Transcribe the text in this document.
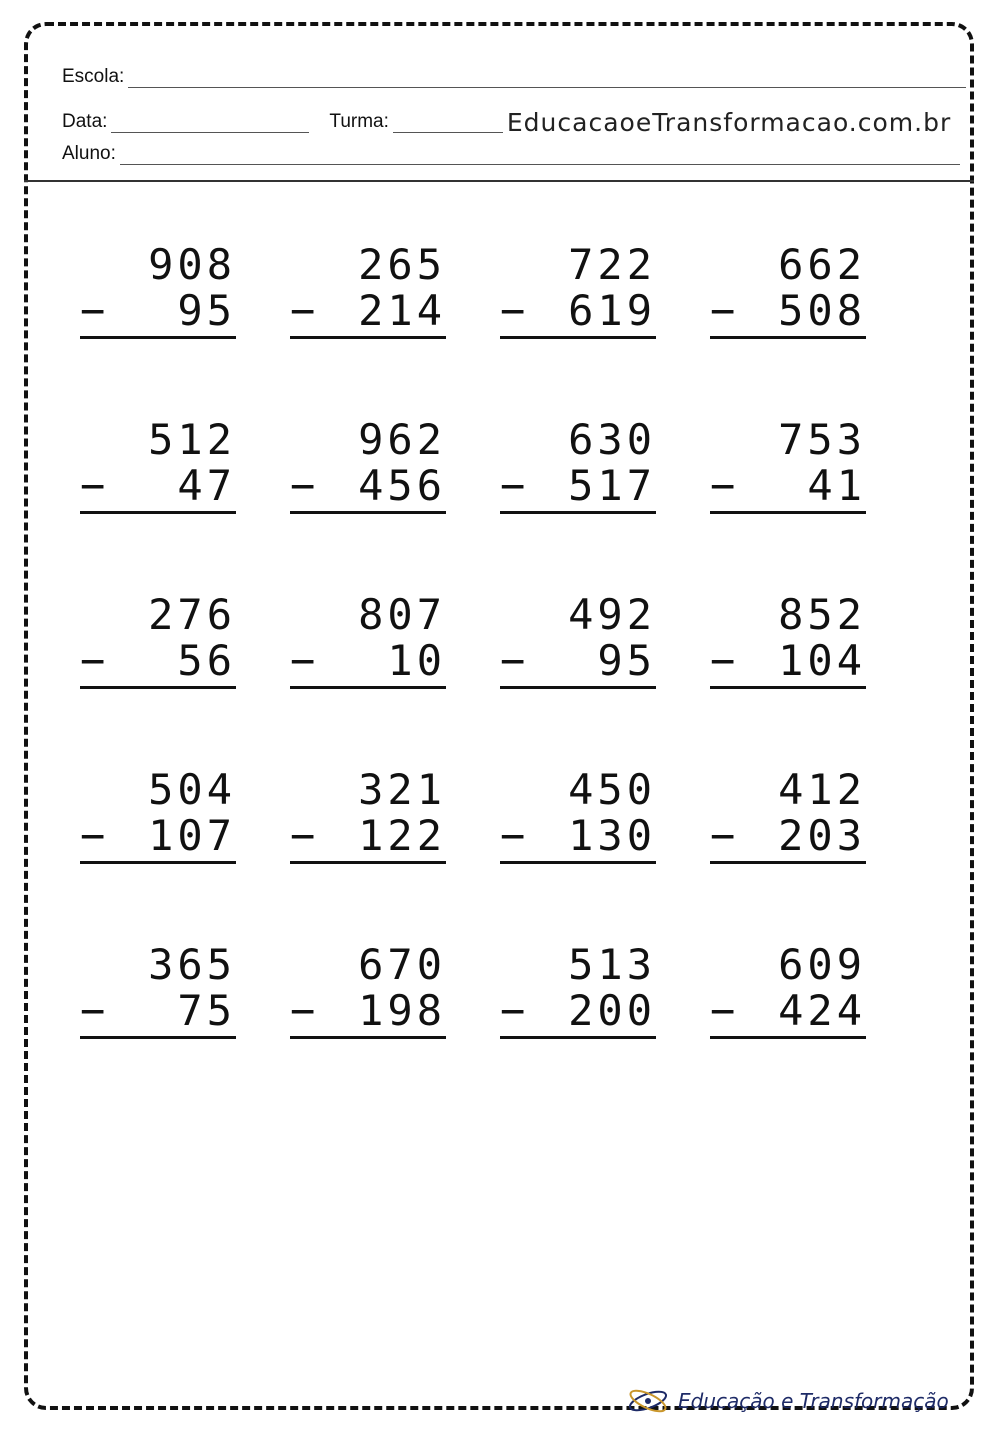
Escola:
Data:	Turma:	EducacaoeTransformacao.com.br
Aluno:
908
− 95
265
− 214
722
− 619
662
− 508
512
− 47
962
− 456
630
− 517
753
− 41
276
− 56
807
− 10
492
− 95
852
− 104
504
− 107
321
− 122
450
− 130
412
− 203
365
− 75
670
− 198
513
− 200
609
− 424
Educação e Transformação
